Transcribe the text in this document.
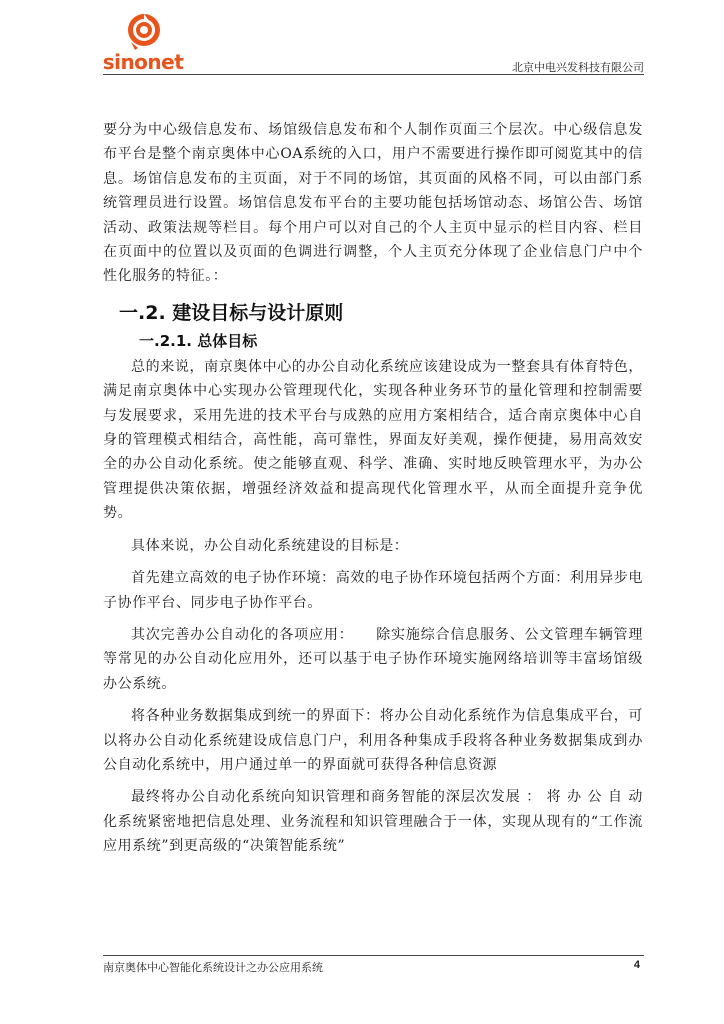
sinonet	北京中电兴发科技有限公司

要分为中心级信息发布、场馆级信息发布和个人制作页面三个层次。中心级信息发布平台是整个南京奥体中心OA系统的入口，用户不需要进行操作即可阅览其中的信息。场馆信息发布的主页面，对于不同的场馆，其页面的风格不同，可以由部门系统管理员进行设置。场馆信息发布平台的主要功能包括场馆动态、场馆公告、场馆活动、政策法规等栏目。每个用户可以对自己的个人主页中显示的栏目内容、栏目在页面中的位置以及页面的色调进行调整，个人主页充分体现了企业信息门户中个性化服务的特征。：

一.2. 建设目标与设计原则
一.2.1. 总体目标

总的来说，南京奥体中心的办公自动化系统应该建设成为一整套具有体育特色，满足南京奥体中心实现办公管理现代化，实现各种业务环节的量化管理和控制需要与发展要求，采用先进的技术平台与成熟的应用方案相结合，适合南京奥体中心自身的管理模式相结合，高性能，高可靠性，界面友好美观，操作便捷，易用高效安全的办公自动化系统。使之能够直观、科学、准确、实时地反映管理水平，为办公管理提供决策依据，增强经济效益和提高现代化管理水平，从而全面提升竞争优势。

具体来说，办公自动化系统建设的目标是：

首先建立高效的电子协作环境：高效的电子协作环境包括两个方面：利用异步电子协作平台、同步电子协作平台。

其次完善办公自动化的各项应用：　　除实施综合信息服务、公文管理车辆管理等常见的办公自动化应用外，还可以基于电子协作环境实施网络培训等丰富场馆级办公系统。

将各种业务数据集成到统一的界面下：将办公自动化系统作为信息集成平台，可以将办公自动化系统建设成信息门户，利用各种集成手段将各种业务数据集成到办公自动化系统中，用户通过单一的界面就可获得各种信息资源

最终将办公自动化系统向知识管理和商务智能的深层次发展 ： 将 办 公 自 动化系统紧密地把信息处理、业务流程和知识管理融合于一体，实现从现有的“工作流应用系统”到更高级的“决策智能系统”

南京奥体中心智能化系统设计之办公应用系统	4
